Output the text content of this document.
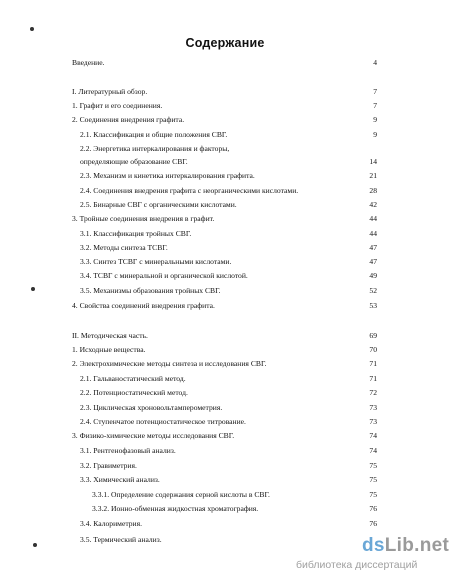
Содержание
Введение.	4
I. Литературный обзор.	7
1. Графит и его соединения.	7
2. Соединения внедрения графита.	9
2.1. Классификация и общие положения СВГ.	9
2.2. Энергетика интеркалирования и факторы,
определяющие образование СВГ.	14
2.3. Механизм и кинетика интеркалирования графита.	21
2.4. Соединения внедрения графита с неорганическими кислотами.	28
2.5. Бинарные СВГ с органическими кислотами.	42
3. Тройные соединения внедрения в графит.	44
3.1. Классификация тройных СВГ.	44
3.2. Методы синтеза ТСВГ.	47
3.3. Синтез ТСВГ с минеральными кислотами.	47
3.4. ТСВГ с минеральной и органической кислотой.	49
3.5. Механизмы образования тройных СВГ.	52
4. Свойства соединений внедрения графита.	53
II. Методическая часть.	69
1. Исходные вещества.	70
2. Электрохимические методы синтеза и исследования СВГ.	71
2.1. Гальваностатический метод.	71
2.2. Потенциостатический метод.	72
2.3. Циклическая хроновольтамперометрия.	73
2.4. Ступенчатое потенциостатическое титрование.	73
3. Физико-химические методы исследования СВГ.	74
3.1. Рентгенофазовый анализ.	74
3.2. Гравиметрия.	75
3.3. Химический анализ.	75
3.3.1. Определение содержания серной кислоты в СВГ.	75
3.3.2. Ионно-обменная жидкостная хроматография.	76
3.4. Калориметрия.	76
3.5. Термический анализ.	dsLib.net
библиотека диссертаций
